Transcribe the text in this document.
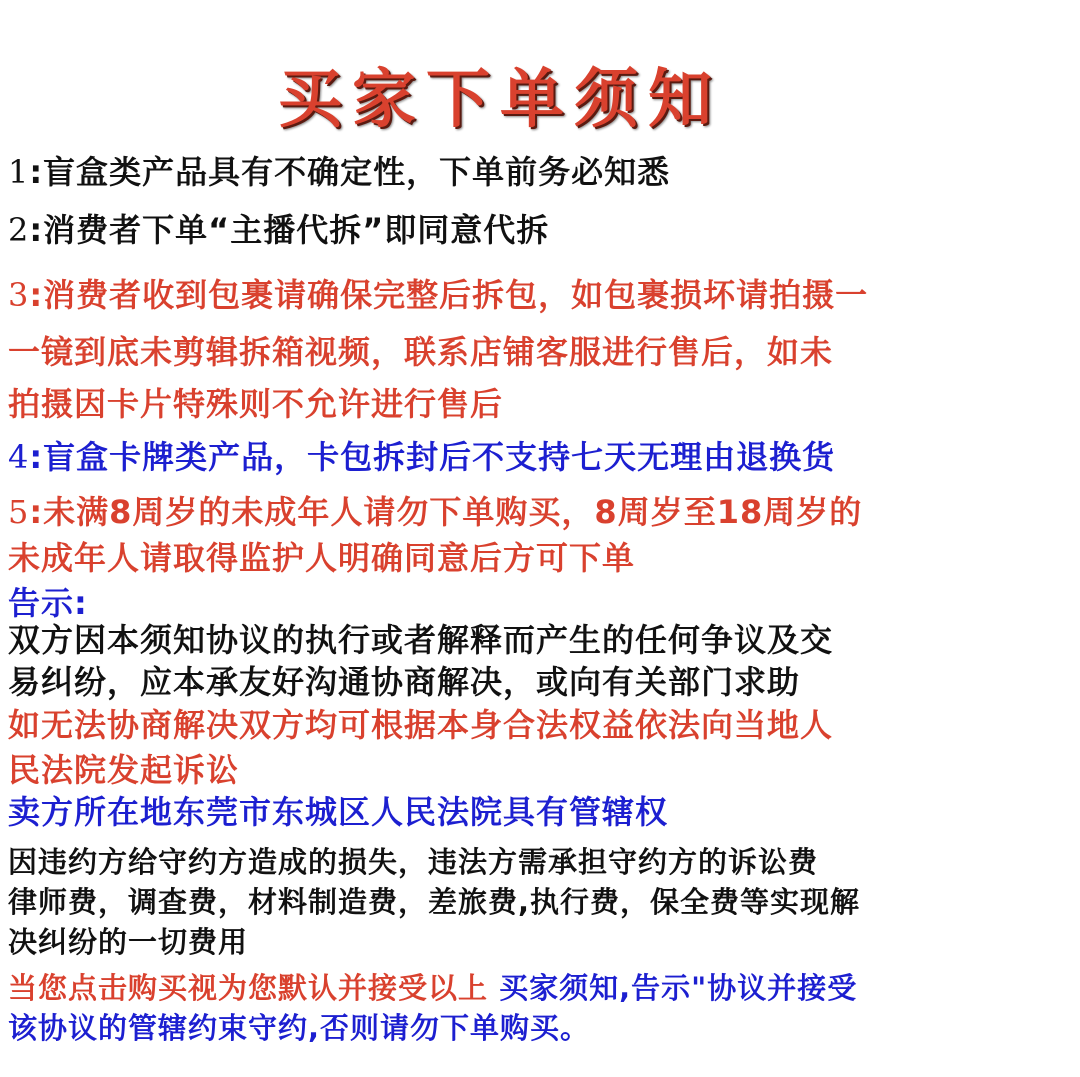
买家下单须知
1:盲盒类产品具有不确定性，下单前务必知悉
2:消费者下单“主播代拆”即同意代拆
3:消费者收到包裹请确保完整后拆包，如包裹损坏请拍摄一
一镜到底未剪辑拆箱视频，联系店铺客服进行售后，如未
拍摄因卡片特殊则不允许进行售后
4:盲盒卡牌类产品，卡包拆封后不支持七天无理由退换货
5:未满8周岁的未成年人请勿下单购买，8周岁至18周岁的
未成年人请取得监护人明确同意后方可下单
告示:
双方因本须知协议的执行或者解释而产生的任何争议及交
易纠纷，应本承友好沟通协商解决，或向有关部门求助
如无法协商解决双方均可根据本身合法权益依法向当地人
民法院发起诉讼
卖方所在地东莞市东城区人民法院具有管辖权
因违约方给守约方造成的损失，违法方需承担守约方的诉讼费
律师费，调查费，材料制造费，差旅费,执行费，保全费等实现解
决纠纷的一切费用
当您点击购买视为您默认并接受以上 买家须知,告示"协议并接受
该协议的管辖约束守约,否则请勿下单购买。
